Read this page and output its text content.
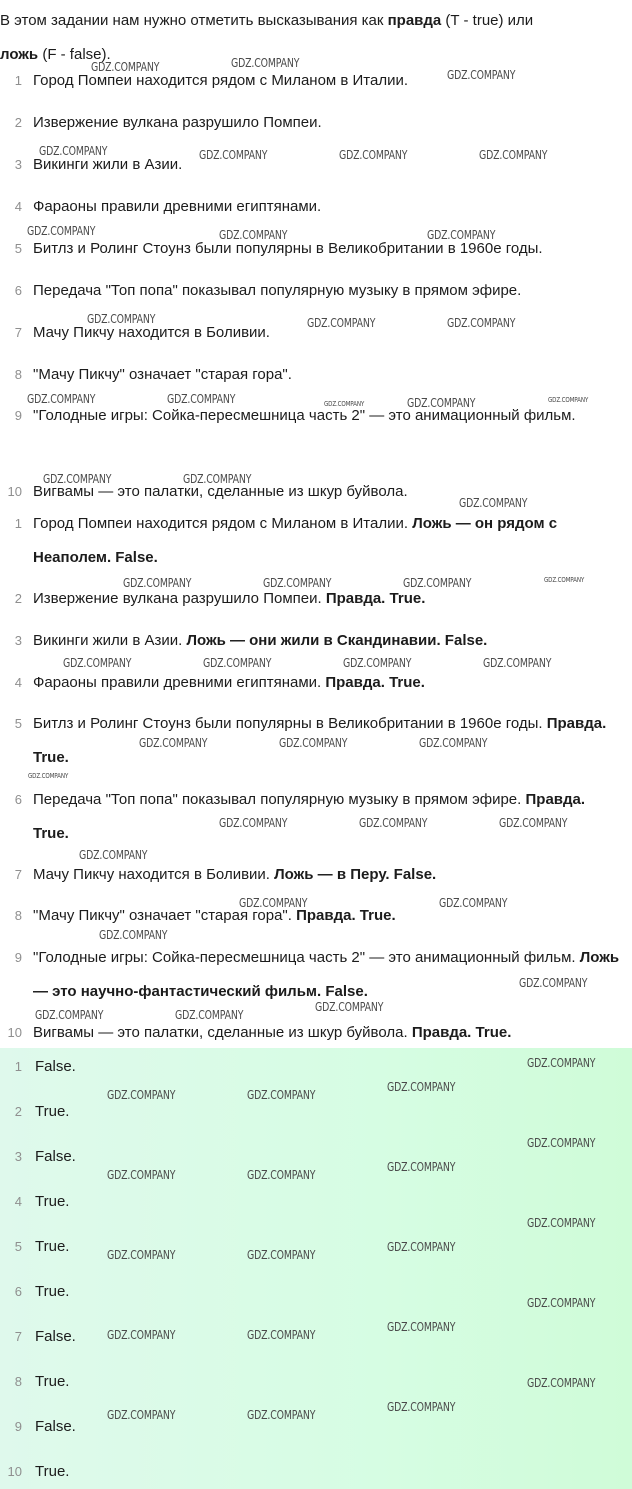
В этом задании нам нужно отметить высказывания как правда (T - true) или
ложь (F - false).

1 Город Помпеи находится рядом с Миланом в Италии.
2 Извержение вулкана разрушило Помпеи.
3 Викинги жили в Азии.
4 Фараоны правили древними египтянами.
5 Битлз и Ролинг Стоунз были популярны в Великобритании в 1960е годы.
6 Передача "Топ попа" показывал популярную музыку в прямом эфире.
7 Мачу Пикчу находится в Боливии.
8 "Мачу Пикчу" означает "старая гора".
9 "Голодные игры: Сойка-пересмешница часть 2" — это анимационный фильм.
10 Вигвамы — это палатки, сделанные из шкур буйвола.
1 Город Помпеи находится рядом с Миланом в Италии. Ложь — он рядом с Неаполем. False.
2 Извержение вулкана разрушило Помпеи. Правда. True.
3 Викинги жили в Азии. Ложь — они жили в Скандинавии. False.
4 Фараоны правили древними египтянами. Правда. True.
5 Битлз и Ролинг Стоунз были популярны в Великобритании в 1960е годы. Правда. True.
6 Передача "Топ попа" показывал популярную музыку в прямом эфире. Правда. True.
7 Мачу Пикчу находится в Боливии. Ложь — в Перу. False.
8 "Мачу Пикчу" означает "старая гора". Правда. True.
9 "Голодные игры: Сойка-пересмешница часть 2" — это анимационный фильм. Ложь — это научно-фантастический фильм. False.
10 Вигвамы — это палатки, сделанные из шкур буйвола. Правда. True.
1 False.
2 True.
3 False.
4 True.
5 True.
6 True.
7 False.
8 True.
9 False.
10 True.
GDZ.COMPANY	GDZ.COMPANY
GDZ.COMPANY
GDZ.COMPANY	GDZ.COMPANY	GDZ.COMPANY	GDZ.COMPANY
GDZ.COMPANY	GDZ.COMPANY	GDZ.COMPANY
GDZ.COMPANY	GDZ.COMPANY	GDZ.COMPANY
GDZ.COMPANY	GDZ.COMPANY	GDZ.COMPANY
GDZ.COMPANY	GDZ.COMPANY
GDZ.COMPANY	GDZ.COMPANY
GDZ.COMPANY
GDZ.COMPANY	GDZ.COMPANY	GDZ.COMPANY	GDZ.COMPANY
GDZ.COMPANY	GDZ.COMPANY	GDZ.COMPANY	GDZ.COMPANY
GDZ.COMPANY	GDZ.COMPANY	GDZ.COMPANY
GDZ.COMPANY
GDZ.COMPANY	GDZ.COMPANY	GDZ.COMPANY
GDZ.COMPANY
GDZ.COMPANY	GDZ.COMPANY
GDZ.COMPANY
GDZ.COMPANY
GDZ.COMPANY
GDZ.COMPANY	GDZ.COMPANY
GDZ.COMPANY
GDZ.COMPANY
GDZ.COMPANY	GDZ.COMPANY
GDZ.COMPANY
GDZ.COMPANY
GDZ.COMPANY	GDZ.COMPANY
GDZ.COMPANY
GDZ.COMPANY
GDZ.COMPANY	GDZ.COMPANY
GDZ.COMPANY
GDZ.COMPANY
GDZ.COMPANY	GDZ.COMPANY
GDZ.COMPANY
GDZ.COMPANY
GDZ.COMPANY	GDZ.COMPANY
